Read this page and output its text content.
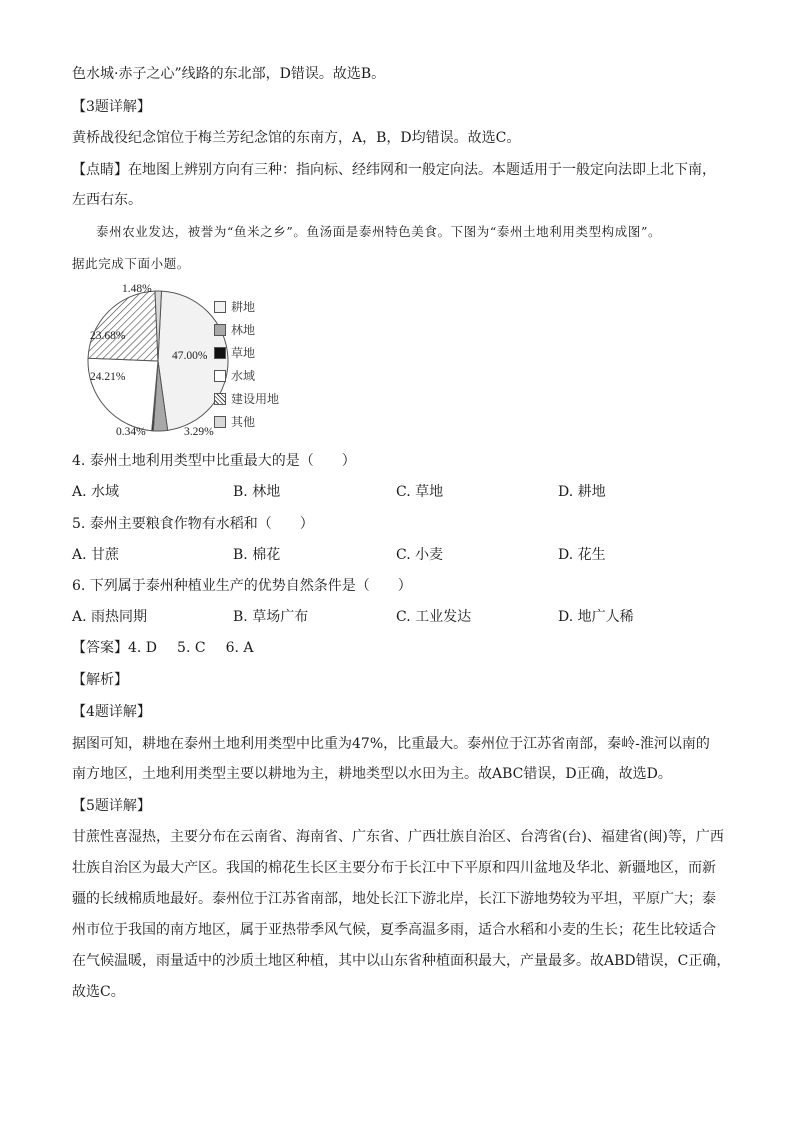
色水城·赤子之心”线路的东北部，D错误。故选B。
【3题详解】
黄桥战役纪念馆位于梅兰芳纪念馆的东南方，A，B，D均错误。故选C。
【点睛】在地图上辨别方向有三种：指向标、经纬网和一般定向法。本题适用于一般定向法即上北下南，
左西右东。
泰州农业发达，被誉为“鱼米之乡”。鱼汤面是泰州特色美食。下图为“泰州土地利用类型构成图”。
据此完成下面小题。
47.00%
3.29%
0.34%
24.21%
23.68%
1.48%
耕地
林地
草地
水域
建设用地
其他
4. 泰州土地利用类型中比重最大的是（　　）
A. 水域	B. 林地	C. 草地	D. 耕地
5. 泰州主要粮食作物有水稻和（　　）
A. 甘蔗	B. 棉花	C. 小麦	D. 花生
6. 下列属于泰州种植业生产的优势自然条件是（　　）
A. 雨热同期	B. 草场广布	C. 工业发达	D. 地广人稀
【答案】4. D 5. C 6. A
【解析】
【4题详解】
据图可知，耕地在泰州土地利用类型中比重为47%，比重最大。泰州位于江苏省南部，秦岭-淮河以南的
南方地区，土地利用类型主要以耕地为主，耕地类型以水田为主。故ABC错误，D正确，故选D。
【5题详解】
甘蔗性喜湿热，主要分布在云南省、海南省、广东省、广西壮族自治区、台湾省(台)、福建省(闽)等，广西
壮族自治区为最大产区。我国的棉花生长区主要分布于长江中下平原和四川盆地及华北、新疆地区，而新
疆的长绒棉质地最好。泰州位于江苏省南部，地处长江下游北岸，长江下游地势较为平坦，平原广大；泰
州市位于我国的南方地区，属于亚热带季风气候，夏季高温多雨，适合水稻和小麦的生长；花生比较适合
在气候温暖，雨量适中的沙质土地区种植，其中以山东省种植面积最大，产量最多。故ABD错误，C正确，
故选C。
